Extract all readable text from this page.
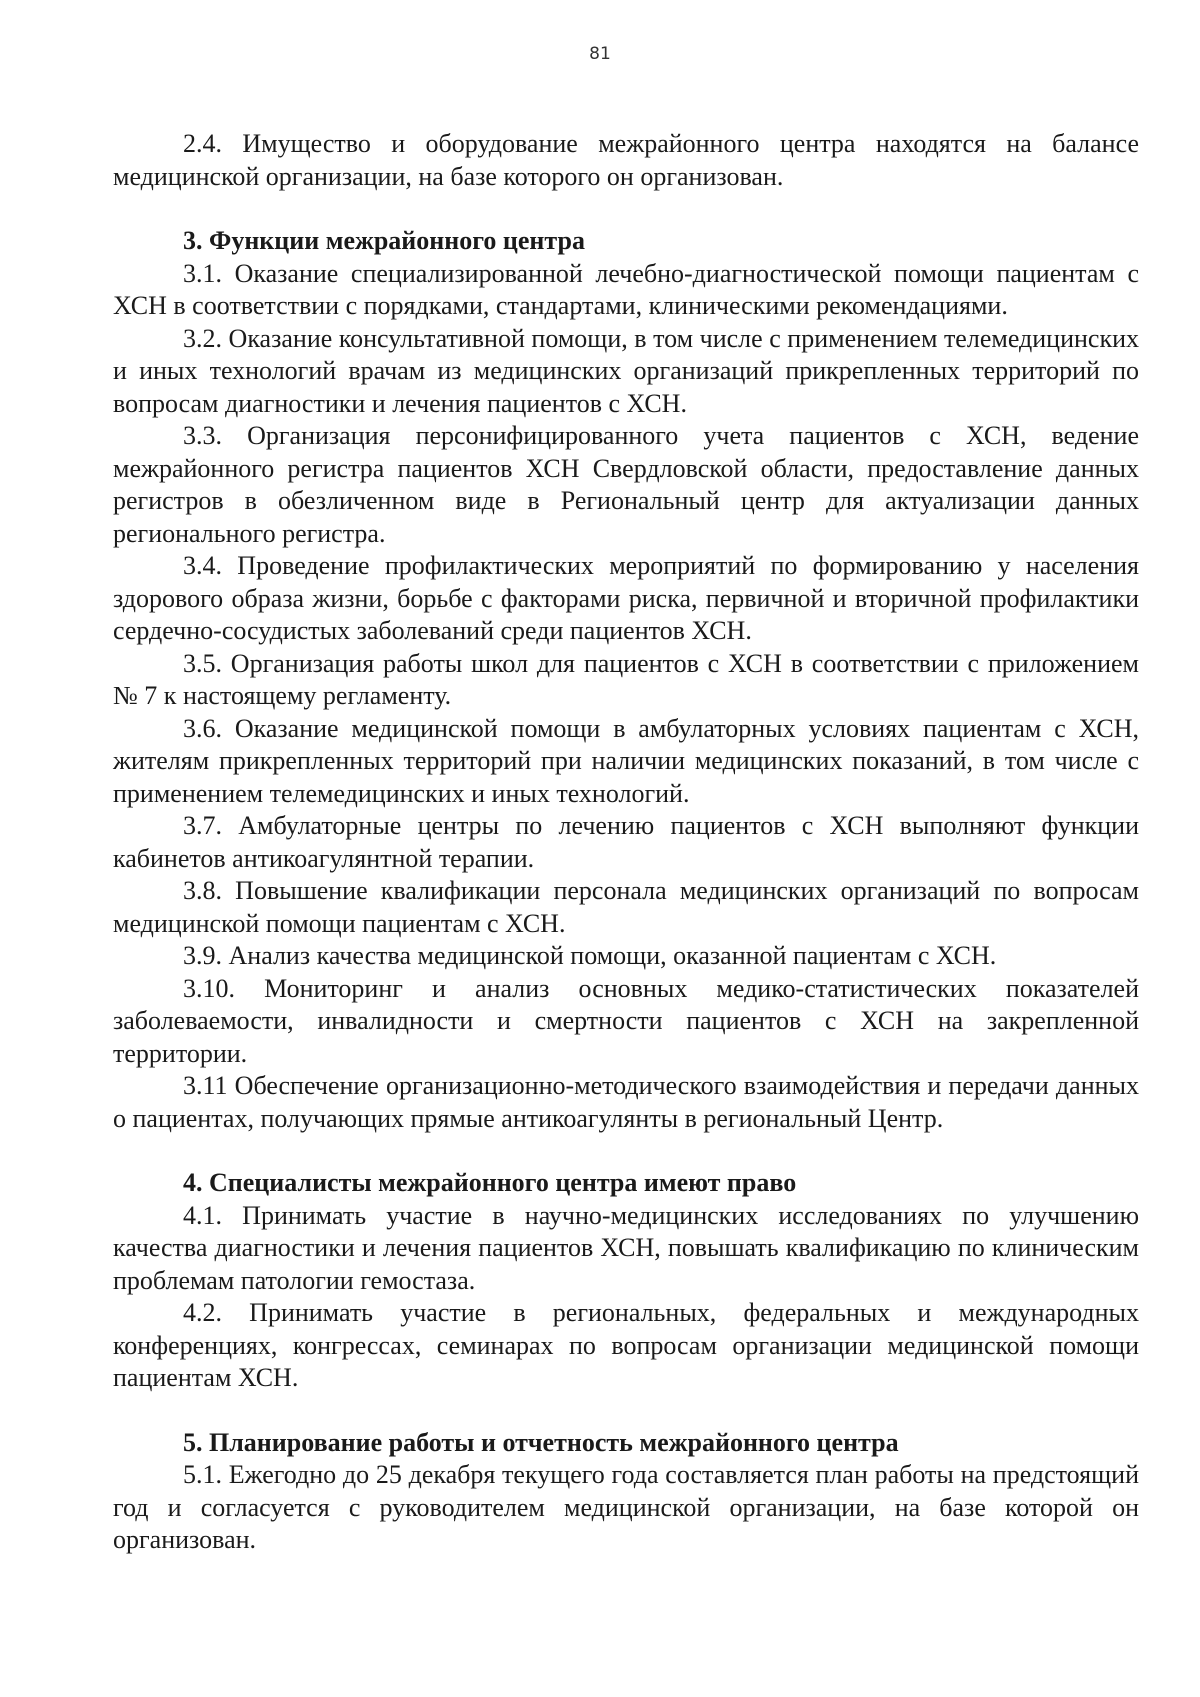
81

2.4. Имущество и оборудование межрайонного центра находятся на балансе медицинской организации, на базе которого он организован.

3. Функции межрайонного центра

3.1. Оказание специализированной лечебно-диагностической помощи пациентам с ХСН в соответствии с порядками, стандартами, клиническими рекомендациями.

3.2. Оказание консультативной помощи, в том числе с применением телемедицинских и иных технологий врачам из медицинских организаций прикрепленных территорий по вопросам диагностики и лечения пациентов с ХСН.

3.3. Организация персонифицированного учета пациентов с ХСН, ведение межрайонного регистра пациентов ХСН Свердловской области, предоставление данных регистров в обезличенном виде в Региональный центр для актуализации данных регионального регистра.

3.4. Проведение профилактических мероприятий по формированию у населения здорового образа жизни, борьбе с факторами риска, первичной и вторичной профилактики сердечно-сосудистых заболеваний среди пациентов ХСН.

3.5. Организация работы школ для пациентов с ХСН в соответствии с приложением № 7 к настоящему регламенту.

3.6. Оказание медицинской помощи в амбулаторных условиях пациентам с ХСН, жителям прикрепленных территорий при наличии медицинских показаний, в том числе с применением телемедицинских и иных технологий.

3.7. Амбулаторные центры по лечению пациентов с ХСН выполняют функции кабинетов антикоагулянтной терапии.

3.8. Повышение квалификации персонала медицинских организаций по вопросам медицинской помощи пациентам с ХСН.

3.9. Анализ качества медицинской помощи, оказанной пациентам с ХСН.

3.10. Мониторинг и анализ основных медико-статистических показателей заболеваемости, инвалидности и смертности пациентов с ХСН на закрепленной территории.

3.11 Обеспечение организационно-методического взаимодействия и передачи данных о пациентах, получающих прямые антикоагулянты в региональный Центр.

4. Специалисты межрайонного центра имеют право

4.1. Принимать участие в научно-медицинских исследованиях по улучшению качества диагностики и лечения пациентов ХСН, повышать квалификацию по клиническим проблемам патологии гемостаза.

4.2. Принимать участие в региональных, федеральных и международных конференциях, конгрессах, семинарах по вопросам организации медицинской помощи пациентам ХСН.

5. Планирование работы и отчетность межрайонного центра

5.1. Ежегодно до 25 декабря текущего года составляется план работы на предстоящий год и согласуется с руководителем медицинской организации, на базе которой он организован.
